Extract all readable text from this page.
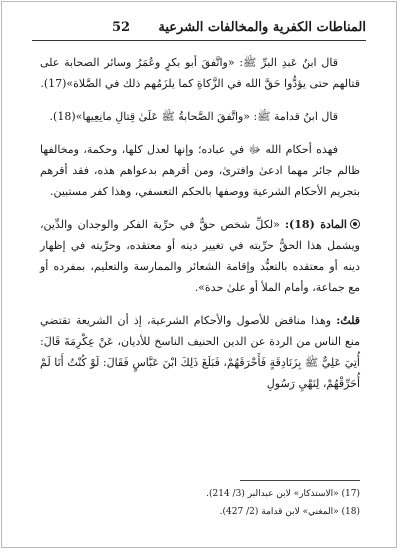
المناطات الكفرية والمخالفات الشرعية
52

قال ابنُ عَبدِ البرِّ ﷺ: «واتَّفقَ أبو بكرٍ وعُمَرُ وسائر الصحابة على قتالهم حتى يؤدُّوا حَقَّ الله في الزَّكاةِ كما يلزَمُهم ذلك في الصَّلاة»(17).

قال ابنُ قدامة ﷺ: «واتَّفقَ الصَّحابةُ ﷺ عَلَىٰ قِتالِ مانِعِيها»(18).

فهذه أحكام الله ﷻ في عباده؛ وإنها لعدل كلها، وحكمة، ومخالفها ظالم جائر مهما ادعىٰ وافترىٰ، ومن أقرهم بدعواهم هذه، فقد أقرهم بتجريم الأحكام الشرعية ووصفها بالحكم التعسفي، وهذا كفر مستبين.

المادة (18): «لكلِّ شخص حقٌّ في حرِّية الفكر والوجدان والدِّين، ويشمل هذا الحقُّ حرِّيته في تغيير دينه أو معتقده، وحرِّيته في إظهار دينه أو معتقده بالتعبُّد وإقامة الشعائر والممارسة والتعليم، بمفرده أو مع جماعة، وأمام الملأ أو علىٰ حدة».

قلتُ: وهذا مناقض للأصول والأحكام الشرعية، إذ أن الشريعة تقتضي منع الناس من الردة عن الدين الحنيف الناسخ للأديان، عَنْ عِكْرِمَةَ قَالَ: أُتِيَ عَلِيٌّ ﷺ بِزَنَادِقَةٍ فَأَحْرَقَهُمْ، فَبَلَغَ ذَلِكَ ابْنَ عَبَّاسٍ فَقَالَ: لَوْ كُنْتُ أَنَا لَمْ أُحَرِّقْهُمْ، لِنَهْيِ رَسُولِ

(17) «الاستذكار» لابن عبدالبر (3/ 214).
(18) «المغني» لابن قدامة (2/ 427).
